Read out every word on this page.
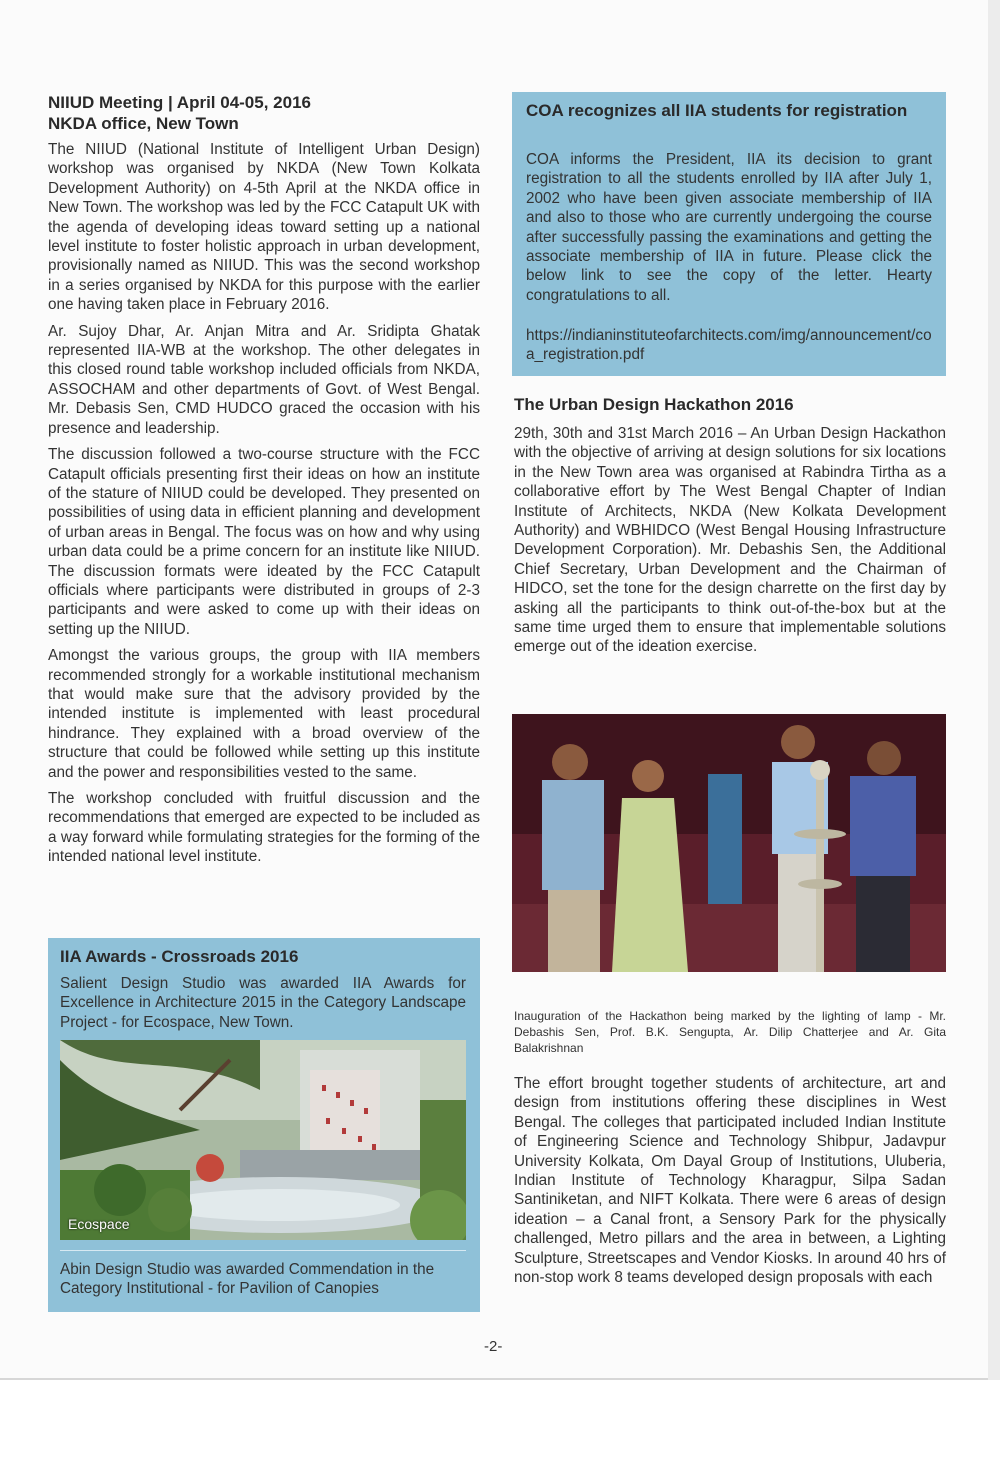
NIIUD Meeting | April 04-05, 2016
NKDA office, New Town

The NIIUD (National Institute of Intelligent Urban Design) workshop was organised by NKDA (New Town Kolkata Development Authority) on 4-5th April at the NKDA office in New Town. The workshop was led by the FCC Catapult UK with the agenda of developing ideas toward setting up a national level institute to foster holistic approach in urban development, provisionally named as NIIUD. This was the second workshop in a series organised by NKDA for this purpose with the earlier one having taken place in February 2016.

Ar. Sujoy Dhar, Ar. Anjan Mitra and Ar. Sridipta Ghatak represented IIA-WB at the workshop. The other delegates in this closed round table workshop included officials from NKDA, ASSOCHAM and other departments of Govt. of West Bengal. Mr. Debasis Sen, CMD HUDCO graced the occasion with his presence and leadership.

The discussion followed a two-course structure with the FCC Catapult officials presenting first their ideas on how an institute of the stature of NIIUD could be developed. They presented on possibilities of using data in efficient planning and development of urban areas in Bengal. The focus was on how and why using urban data could be a prime concern for an institute like NIIUD. The discussion formats were ideated by the FCC Catapult officials where participants were distributed in groups of 2-3 participants and were asked to come up with their ideas on setting up the NIIUD.

Amongst the various groups, the group with IIA members recommended strongly for a workable institutional mechanism that would make sure that the advisory provided by the intended institute is implemented with least procedural hindrance. They explained with a broad overview of the structure that could be followed while setting up this institute and the power and responsibilities vested to the same.

The workshop concluded with fruitful discussion and the recommendations that emerged are expected to be included as a way forward while formulating strategies for the forming of the intended national level institute.

IIA Awards - Crossroads 2016

Salient Design Studio was awarded IIA Awards for Excellence in Architecture 2015 in the Category Landscape Project - for Ecospace, New Town.

Ecospace

Abin Design Studio was awarded Commendation in the Category Institutional - for Pavilion of Canopies

COA recognizes all IIA students for registration

COA informs the President, IIA its decision to grant registration to all the students enrolled by IIA after July 1, 2002 who have been given associate membership of IIA and also to those who are currently undergoing the course after successfully passing the examinations and getting the associate membership of IIA in future. Please click the below link to see the copy of the letter. Hearty congratulations to all.

https://indianinstituteofarchitects.com/img/announcement/coa_registration.pdf

The Urban Design Hackathon 2016

29th, 30th and 31st March 2016 – An Urban Design Hackathon with the objective of arriving at design solutions for six locations in the New Town area was organised at Rabindra Tirtha as a collaborative effort by The West Bengal Chapter of Indian Institute of Architects, NKDA (New Kolkata Development Authority) and WBHIDCO (West Bengal Housing Infrastructure Development Corporation). Mr. Debashis Sen, the Additional Chief Secretary, Urban Development and the Chairman of HIDCO, set the tone for the design charrette on the first day by asking all the participants to think out-of-the-box but at the same time urged them to ensure that implementable solutions emerge out of the ideation exercise.

Inauguration of the Hackathon being marked by the lighting of lamp - Mr. Debashis Sen, Prof. B.K. Sengupta, Ar. Dilip Chatterjee and Ar. Gita Balakrishnan

The effort brought together students of architecture, art and design from institutions offering these disciplines in West Bengal. The colleges that participated included Indian Institute of Engineering Science and Technology Shibpur, Jadavpur University Kolkata, Om Dayal Group of Institutions, Uluberia, Indian Institute of Technology Kharagpur, Silpa Sadan Santiniketan, and NIFT Kolkata. There were 6 areas of design ideation – a Canal front, a Sensory Park for the physically challenged, Metro pillars and the area in between, a Lighting Sculpture, Streetscapes and Vendor Kiosks. In around 40 hrs of non-stop work 8 teams developed design proposals with each

-2-
